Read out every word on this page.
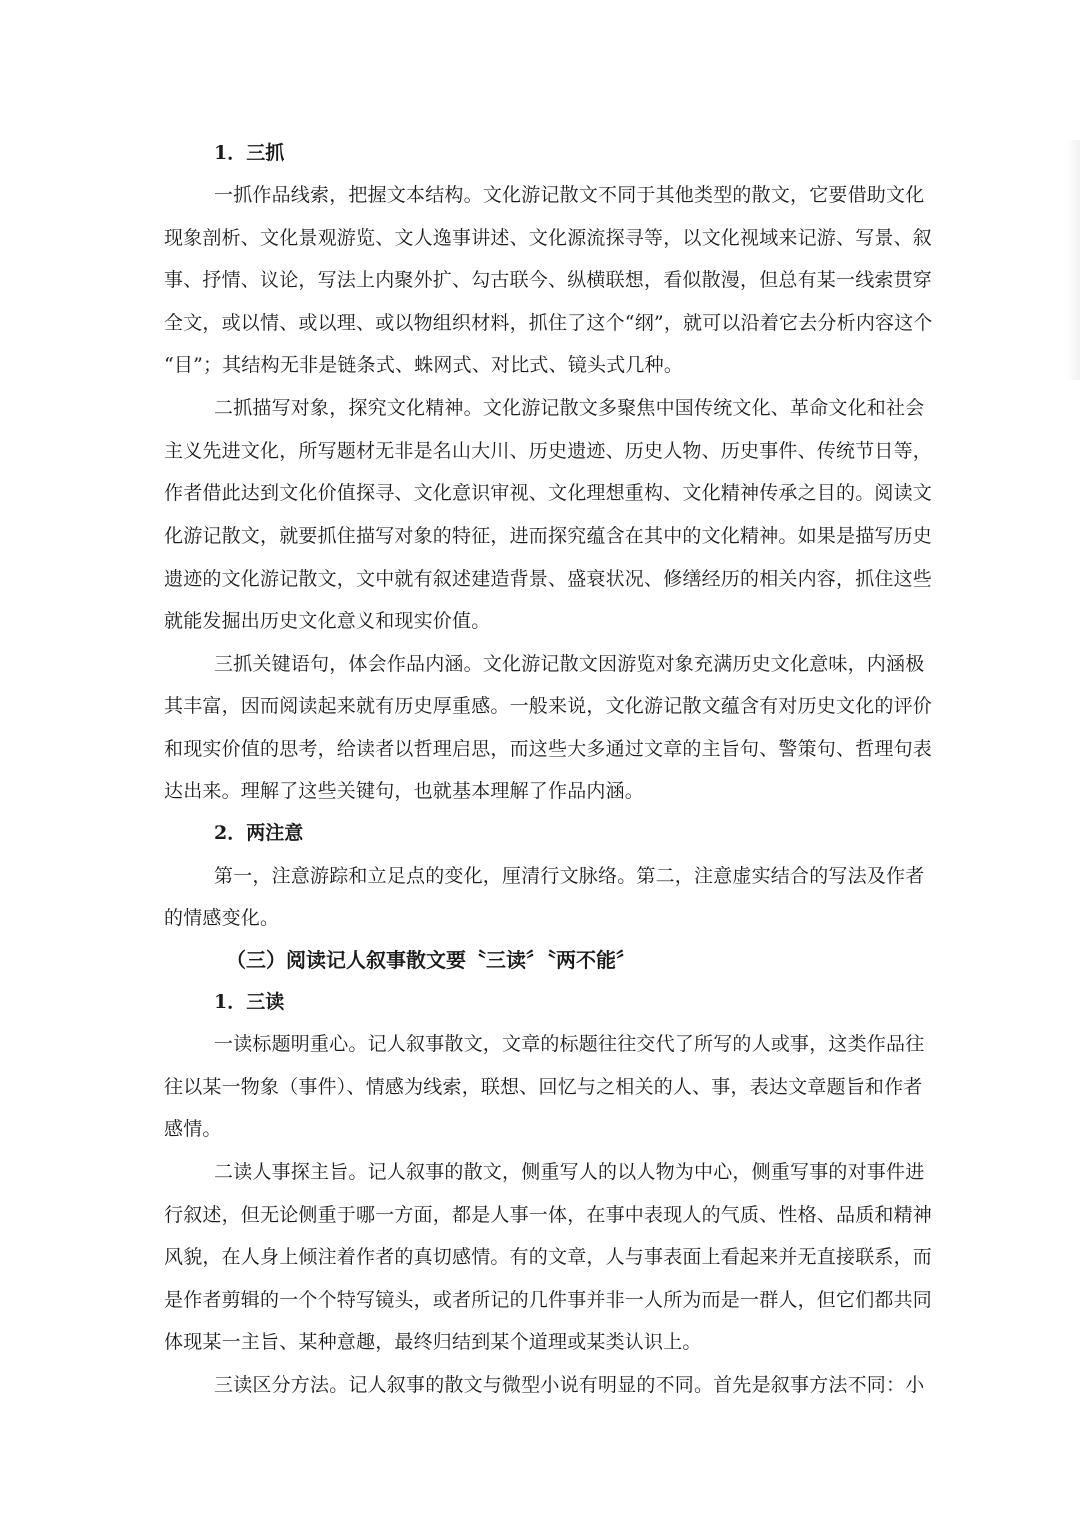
1．三抓
一抓作品线索，把握文本结构。文化游记散文不同于其他类型的散文，它要借助文化
现象剖析、文化景观游览、文人逸事讲述、文化源流探寻等，以文化视域来记游、写景、叙
事、抒情、议论，写法上内聚外扩、勾古联今、纵横联想，看似散漫，但总有某一线索贯穿
全文，或以情、或以理、或以物组织材料，抓住了这个“纲”，就可以沿着它去分析内容这个
“目”；其结构无非是链条式、蛛网式、对比式、镜头式几种。
二抓描写对象，探究文化精神。文化游记散文多聚焦中国传统文化、革命文化和社会
主义先进文化，所写题材无非是名山大川、历史遗迹、历史人物、历史事件、传统节日等，
作者借此达到文化价值探寻、文化意识审视、文化理想重构、文化精神传承之目的。阅读文
化游记散文，就要抓住描写对象的特征，进而探究蕴含在其中的文化精神。如果是描写历史
遗迹的文化游记散文，文中就有叙述建造背景、盛衰状况、修缮经历的相关内容，抓住这些
就能发掘出历史文化意义和现实价值。
三抓关键语句，体会作品内涵。文化游记散文因游览对象充满历史文化意味，内涵极
其丰富，因而阅读起来就有历史厚重感。一般来说，文化游记散文蕴含有对历史文化的评价
和现实价值的思考，给读者以哲理启思，而这些大多通过文章的主旨句、警策句、哲理句表
达出来。理解了这些关键句，也就基本理解了作品内涵。
2．两注意
第一，注意游踪和立足点的变化，厘清行文脉络。第二，注意虚实结合的写法及作者
的情感变化。
（三）阅读记人叙事散文要〝三读〞〝两不能〞
1．三读
一读标题明重心。记人叙事散文，文章的标题往往交代了所写的人或事，这类作品往
往以某一物象（事件）、情感为线索，联想、回忆与之相关的人、事，表达文章题旨和作者
感情。
二读人事探主旨。记人叙事的散文，侧重写人的以人物为中心，侧重写事的对事件进
行叙述，但无论侧重于哪一方面，都是人事一体，在事中表现人的气质、性格、品质和精神
风貌，在人身上倾注着作者的真切感情。有的文章，人与事表面上看起来并无直接联系，而
是作者剪辑的一个个特写镜头，或者所记的几件事并非一人所为而是一群人，但它们都共同
体现某一主旨、某种意趣，最终归结到某个道理或某类认识上。
三读区分方法。记人叙事的散文与微型小说有明显的不同。首先是叙事方法不同：小
